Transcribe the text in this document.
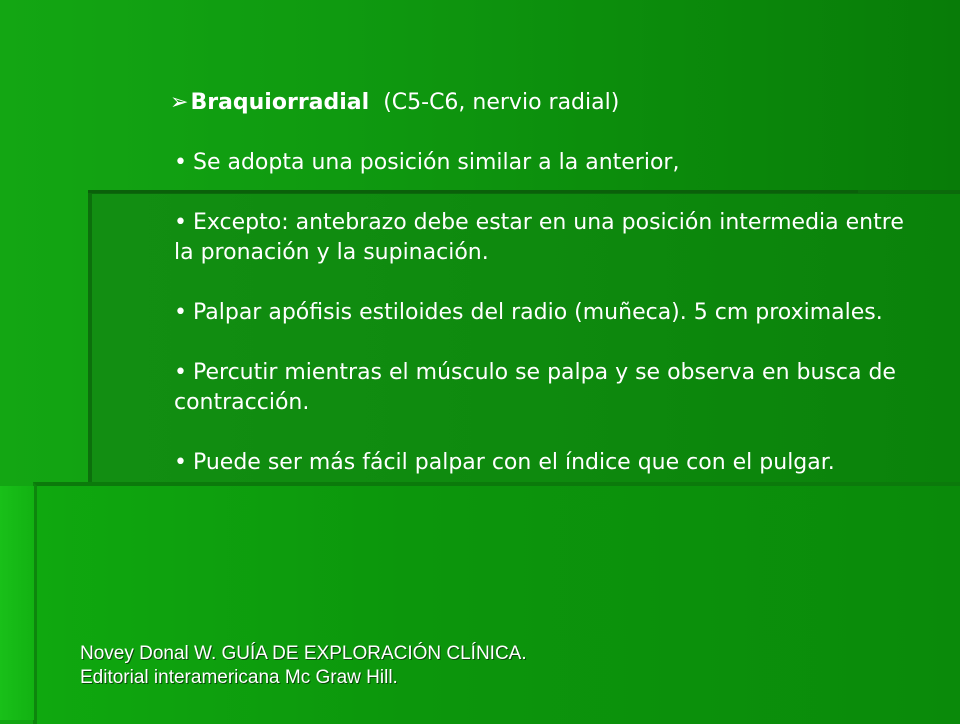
➢ Braquiorradial (C5-C6, nervio radial)
• Se adopta una posición similar a la anterior,
• Excepto: antebrazo debe estar en una posición intermedia entre la pronación y la supinación.
• Palpar apófisis estiloides del radio (muñeca). 5 cm proximales.
• Percutir mientras el músculo se palpa y se observa en busca de contracción.
• Puede ser más fácil palpar con el índice que con el pulgar.
Novey Donal W. GUÍA DE EXPLORACIÓN CLÍNICA.
Editorial interamericana Mc Graw Hill.
